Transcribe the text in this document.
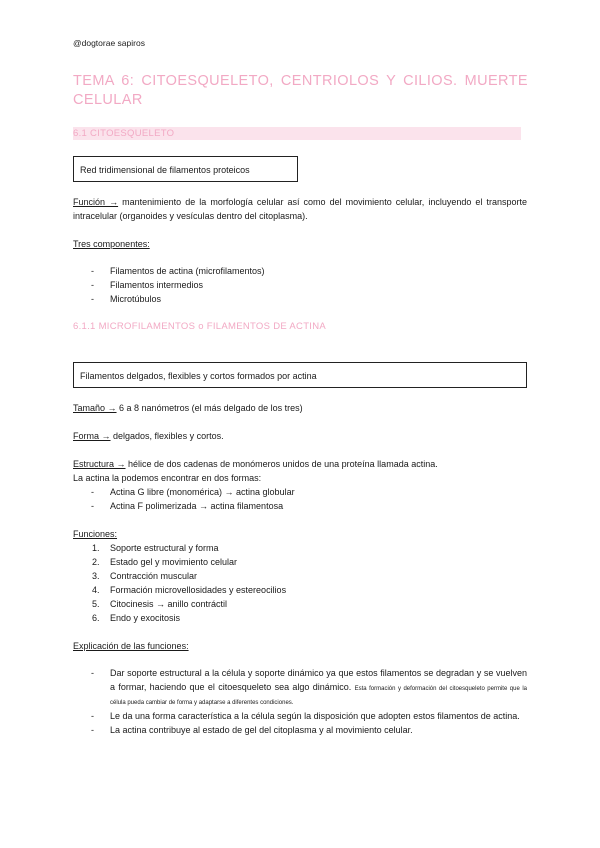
@dogtorae sapiros
TEMA 6: CITOESQUELETO, CENTRIOLOS Y CILIOS. MUERTE CELULAR
6.1 CITOESQUELETO
Red tridimensional de filamentos proteicos
Función → mantenimiento de la morfología celular así como del movimiento celular, incluyendo el transporte intracelular (organoides y vesículas dentro del citoplasma).
Tres componentes:
- Filamentos de actina (microfilamentos)
- Filamentos intermedios
- Microtúbulos
6.1.1 MICROFILAMENTOS o FILAMENTOS DE ACTINA
Filamentos delgados, flexibles y cortos formados por actina
Tamaño → 6 a 8 nanómetros (el más delgado de los tres)
Forma → delgados, flexibles y cortos.
Estructura → hélice de dos cadenas de monómeros unidos de una proteína llamada actina.
La actina la podemos encontrar en dos formas:
- Actina G libre (monomérica) → actina globular
- Actina F polimerizada → actina filamentosa
Funciones:
1. Soporte estructural y forma
2. Estado gel y movimiento celular
3. Contracción muscular
4. Formación microvellosidades y estereocilios
5. Citocinesis → anillo contráctil
6. Endo y exocitosis
Explicación de las funciones:
- Dar soporte estructural a la célula y soporte dinámico ya que estos filamentos se degradan y se vuelven a formar, haciendo que el citoesqueleto sea algo dinámico. Esta formación y deformación del citoesqueleto permite que la célula pueda cambiar de forma y adaptarse a diferentes condiciones.
- Le da una forma característica a la célula según la disposición que adopten estos filamentos de actina.
- La actina contribuye al estado de gel del citoplasma y al movimiento celular.
